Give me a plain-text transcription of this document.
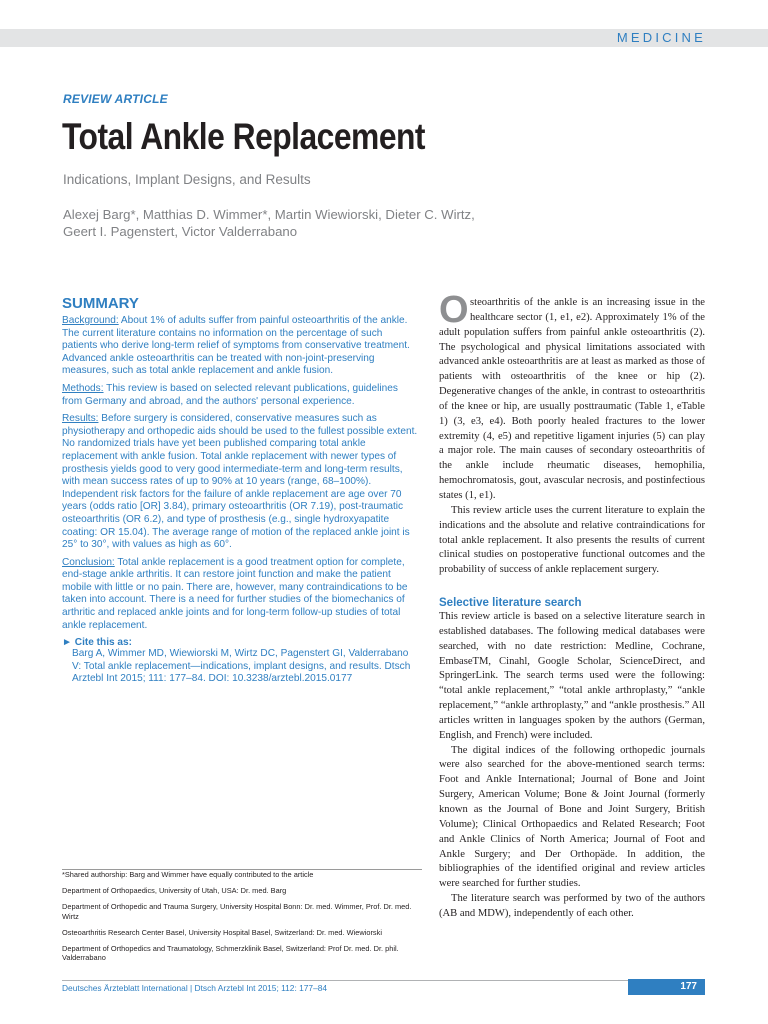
MEDICINE
REVIEW ARTICLE
Total Ankle Replacement
Indications, Implant Designs, and Results
Alexej Barg*, Matthias D. Wimmer*, Martin Wiewiorski, Dieter C. Wirtz,
Geert I. Pagenstert, Victor Valderrabano
SUMMARY

Background: About 1% of adults suffer from painful osteoarthritis of the ankle. The current literature contains no information on the percentage of such patients who derive long-term relief of symptoms from conservative treatment. Advanced ankle osteoarthritis can be treated with non-joint-preserving measures, such as total ankle replacement and ankle fusion.

Methods: This review is based on selected relevant publications, guidelines from Germany and abroad, and the authors' personal experience.

Results: Before surgery is considered, conservative measures such as physiotherapy and orthopedic aids should be used to the fullest possible extent. No randomized trials have yet been published comparing total ankle replacement with ankle fusion. Total ankle replacement with newer types of prosthesis yields good to very good intermediate-term and long-term results, with mean success rates of up to 90% at 10 years (range, 68–100%). Independent risk factors for the failure of ankle replacement are age over 70 years (odds ratio [OR] 3.84), primary osteoarthritis (OR 7.19), post-traumatic osteoarthritis (OR 6.2), and type of prosthesis (e.g., single hydroxyapatite coating: OR 15.04). The average range of motion of the replaced ankle joint is 25° to 30°, with values as high as 60°.

Conclusion: Total ankle replacement is a good treatment option for complete, end-stage ankle arthritis. It can restore joint function and make the patient mobile with little or no pain. There are, however, many contraindications to be taken into account. There is a need for further studies of the biomechanics of arthritic and replaced ankle joints and for long-term follow-up studies of total ankle replacement.

► Cite this as:

Barg A, Wimmer MD, Wiewiorski M, Wirtz DC, Pagenstert GI, Valderrabano V: Total ankle replacement—indications, implant designs, and results. Dtsch Arztebl Int 2015; 111: 177–84. DOI: 10.3238/arztebl.2015.0177

*Shared authorship: Barg and Wimmer have equally contributed to the article

Department of Orthopaedics, University of Utah, USA: Dr. med. Barg

Department of Orthopedic and Trauma Surgery, University Hospital Bonn: Dr. med. Wimmer, Prof. Dr. med. Wirtz

Osteoarthritis Research Center Basel, University Hospital Basel, Switzerland: Dr. med. Wiewiorski

Department of Orthopedics and Traumatology, Schmerzklinik Basel, Switzerland: Prof Dr. med. Dr. phil. Valderrabano

Osteoarthritis of the ankle is an increasing issue in the healthcare sector (1, e1, e2). Approximately 1% of the adult population suffers from painful ankle osteoarthritis (2). The psychological and physical limitations associated with advanced ankle osteoarthritis are at least as marked as those of patients with osteoarthritis of the knee or hip (2). Degenerative changes of the ankle, in contrast to osteoarthritis of the knee or hip, are usually posttraumatic (Table 1, eTable 1) (3, e3, e4). Both poorly healed fractures to the lower extremity (4, e5) and repetitive ligament injuries (5) can play a major role. The main causes of secondary osteoarthritis of the ankle include rheumatic diseases, hemophilia, hemochromatosis, gout, avascular necrosis, and postinfectious states (1, e1).

This review article uses the current literature to explain the indications and the absolute and relative contraindications for total ankle replacement. It also presents the results of current clinical studies on postoperative functional outcomes and the probability of success of ankle replacement surgery.

Selective literature search

This review article is based on a selective literature search in established databases. The following medical databases were searched, with no date restriction: Medline, Cochrane, EmbaseTM, Cinahl, Google Scholar, ScienceDirect, and SpringerLink. The search terms used were the following: “total ankle replacement,” “total ankle arthroplasty,” “ankle replacement,” “ankle arthroplasty,” and “ankle prosthesis.” All articles written in languages spoken by the authors (German, English, and French) were included.

The digital indices of the following orthopedic journals were also searched for the above-mentioned search terms: Foot and Ankle International; Journal of Bone and Joint Surgery, American Volume; Bone & Joint Journal (formerly known as the Journal of Bone and Joint Surgery, British Volume); Clinical Orthopaedics and Related Research; Foot and Ankle Clinics of North America; Journal of Foot and Ankle Surgery; and Der Orthopäde. In addition, the bibliographies of the identified original and review articles were searched for further studies.

The literature search was performed by two of the authors (AB and MDW), independently of each other.

Deutsches Ärzteblatt International | Dtsch Arztebl Int 2015; 112: 177–84	177
